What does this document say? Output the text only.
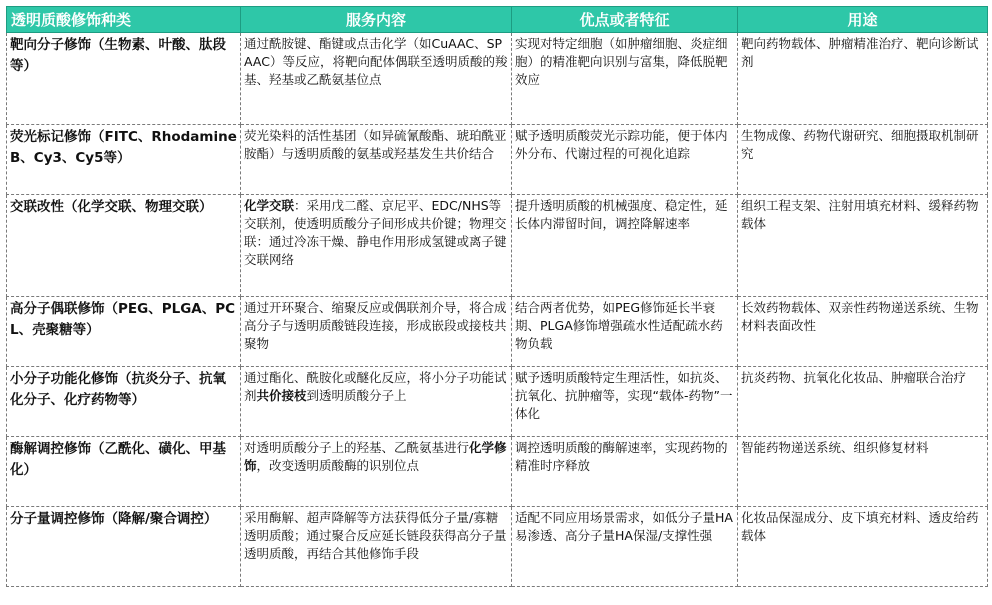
透明质酸修饰种类	服务内容	优点或者特征	用途
靶向分子修饰（生物素、叶酸、肽段等）	通过酰胺键、酯键或点击化学（如CuAAC、SPAAC）等反应，将靶向配体偶联至透明质酸的羧基、羟基或乙酰氨基位点	实现对特定细胞（如肿瘤细胞、炎症细胞）的精准靶向识别与富集，降低脱靶效应	靶向药物载体、肿瘤精准治疗、靶向诊断试剂
荧光标记修饰（FITC、Rhodamine B、Cy3、Cy5等）	荧光染料的活性基团（如异硫氰酸酯、琥珀酰亚胺酯）与透明质酸的氨基或羟基发生共价结合	赋予透明质酸荧光示踪功能，便于体内外分布、代谢过程的可视化追踪	生物成像、药物代谢研究、细胞摄取机制研究
交联改性（化学交联、物理交联）	化学交联：采用戊二醛、京尼平、EDC/NHS等交联剂，使透明质酸分子间形成共价键；物理交联：通过冷冻干燥、静电作用形成氢键或离子键交联网络	提升透明质酸的机械强度、稳定性，延长体内滞留时间，调控降解速率	组织工程支架、注射用填充材料、缓释药物载体
高分子偶联修饰（PEG、PLGA、PCL、壳聚糖等）	通过开环聚合、缩聚反应或偶联剂介导，将合成高分子与透明质酸链段连接，形成嵌段或接枝共聚物	结合两者优势，如PEG修饰延长半衰期、PLGA修饰增强疏水性适配疏水药物负载	长效药物载体、双亲性药物递送系统、生物材料表面改性
小分子功能化修饰（抗炎分子、抗氧化分子、化疗药物等）	通过酯化、酰胺化或醚化反应，将小分子功能试剂共价接枝到透明质酸分子上	赋予透明质酸特定生理活性，如抗炎、抗氧化、抗肿瘤等，实现“载体-药物”一体化	抗炎药物、抗氧化化妆品、肿瘤联合治疗
酶解调控修饰（乙酰化、磺化、甲基化）	对透明质酸分子上的羟基、乙酰氨基进行化学修饰，改变透明质酸酶的识别位点	调控透明质酸的酶解速率，实现药物的精准时序释放	智能药物递送系统、组织修复材料
分子量调控修饰（降解/聚合调控）	采用酶解、超声降解等方法获得低分子量/寡糖透明质酸；通过聚合反应延长链段获得高分子量透明质酸，再结合其他修饰手段	适配不同应用场景需求，如低分子量HA易渗透、高分子量HA保湿/支撑性强	化妆品保湿成分、皮下填充材料、透皮给药载体
